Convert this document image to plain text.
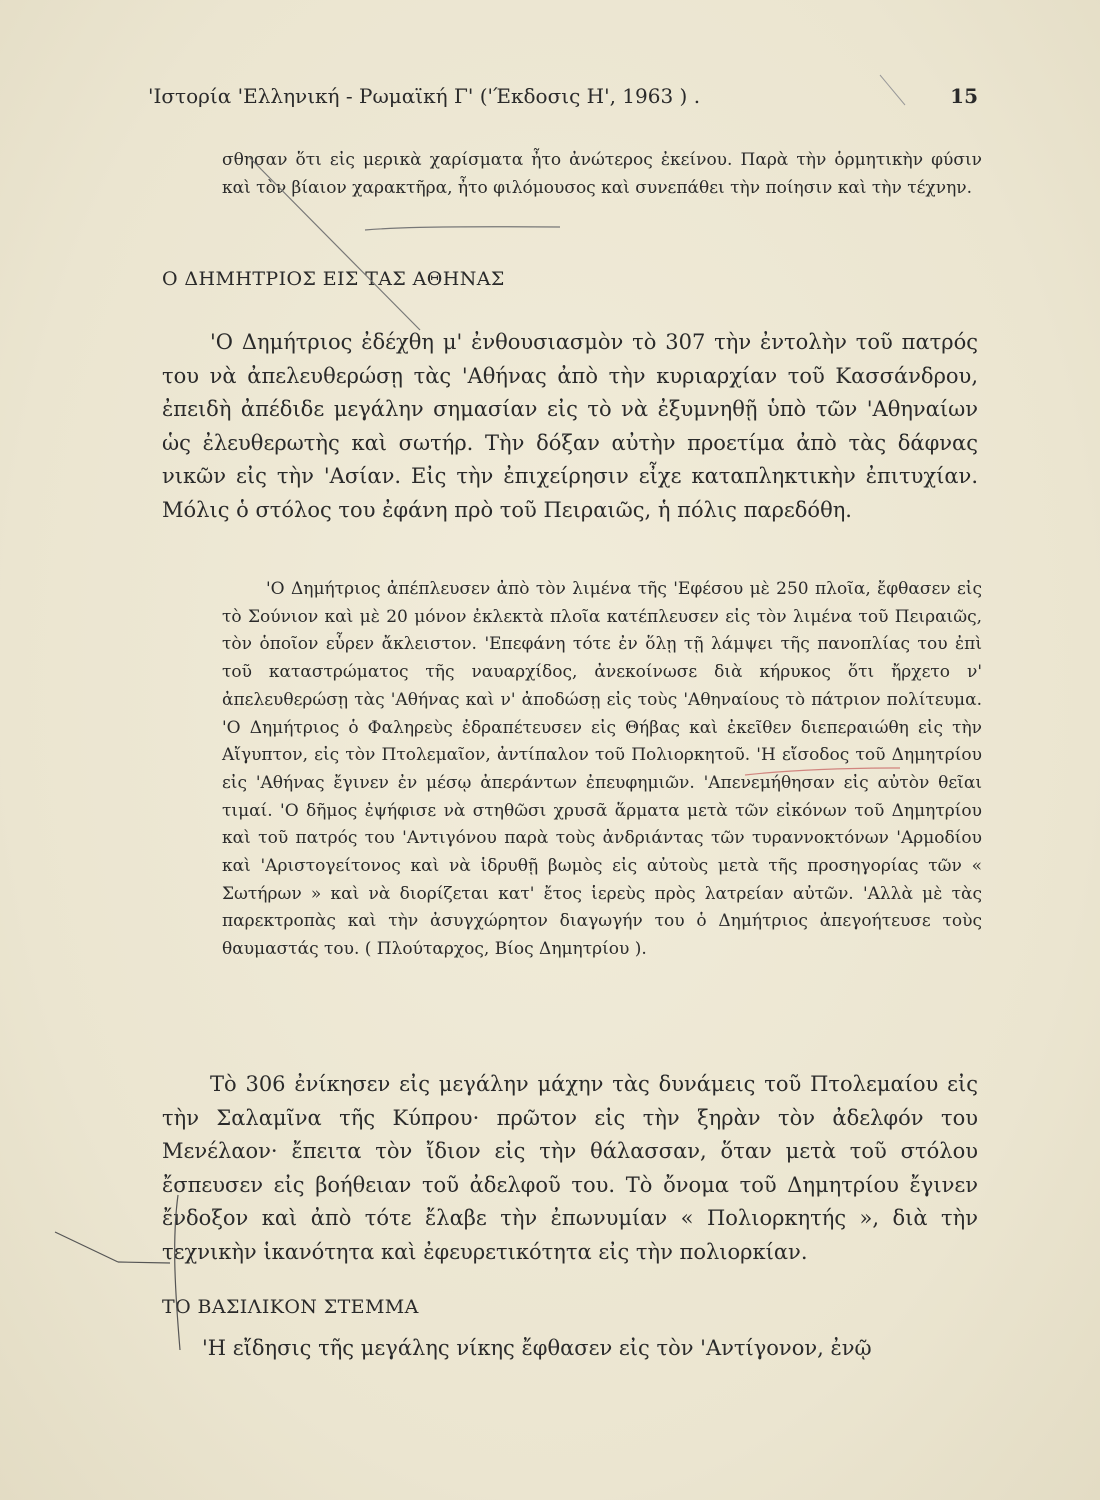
'Ιστορία 'Ελληνική - Ρωμαϊκή Γ' ('Έκδοσις Η', 1963 ) .	15

σθησαν ὅτι εἰς μερικὰ χαρίσματα ἦτο ἀνώτερος ἐκείνου. Παρὰ τὴν ὁρμητικὴν φύσιν καὶ τὸν βίαιον χαρακτῆρα, ἦτο φιλόμουσος καὶ συνεπάθει τὴν ποίησιν καὶ τὴν τέχνην.

Ο ΔΗΜΗΤΡΙΟΣ ΕΙΣ ΤΑΣ ΑΘΗΝΑΣ

'Ο Δημήτριος ἐδέχθη μ' ἐνθουσιασμὸν τὸ 307 τὴν ἐντολὴν τοῦ πατρός του νὰ ἀπελευθερώσῃ τὰς 'Αθήνας ἀπὸ τὴν κυριαρχίαν τοῦ Κασσάνδρου, ἐπειδὴ ἀπέδιδε μεγάλην σημασίαν εἰς τὸ νὰ ἐξυμνηθῇ ὑπὸ τῶν 'Αθηναίων ὡς ἐλευθερωτὴς καὶ σωτήρ. Τὴν δόξαν αὐτὴν προετίμα ἀπὸ τὰς δάφνας νικῶν εἰς τὴν 'Ασίαν. Εἰς τὴν ἐπιχείρησιν εἶχε καταπληκτικὴν ἐπιτυχίαν. Μόλις ὁ στόλος του ἐφάνη πρὸ τοῦ Πειραιῶς, ἡ πόλις παρεδόθη.

'Ο Δημήτριος ἀπέπλευσεν ἀπὸ τὸν λιμένα τῆς 'Εφέσου μὲ 250 πλοῖα, ἔφθασεν εἰς τὸ Σούνιον καὶ μὲ 20 μόνον ἐκλεκτὰ πλοῖα κατέπλευσεν εἰς τὸν λιμένα τοῦ Πειραιῶς, τὸν ὁποῖον εὗρεν ἄκλειστον. 'Επεφάνη τότε ἐν ὅλῃ τῇ λάμψει τῆς πανοπλίας του ἐπὶ τοῦ καταστρώματος τῆς ναυαρχίδος, ἀνεκοίνωσε διὰ κήρυκος ὅτι ἤρχετο ν' ἀπελευθερώσῃ τὰς 'Αθήνας καὶ ν' ἀποδώσῃ εἰς τοὺς 'Αθηναίους τὸ πάτριον πολίτευμα. 'Ο Δημήτριος ὁ Φαληρεὺς ἐδραπέτευσεν εἰς Θήβας καὶ ἐκεῖθεν διεπεραιώθη εἰς τὴν Αἴγυπτον, εἰς τὸν Πτολεμαῖον, ἀντίπαλον τοῦ Πολιορκητοῦ. 'Η εἴσοδος τοῦ Δημητρίου εἰς 'Αθήνας ἔγινεν ἐν μέσῳ ἀπεράντων ἐπευφημιῶν. 'Απενεμήθησαν εἰς αὐτὸν θεῖαι τιμαί. 'Ο δῆμος ἐψήφισε νὰ στηθῶσι χρυσᾶ ἅρματα μετὰ τῶν εἰκόνων τοῦ Δημητρίου καὶ τοῦ πατρός του 'Αντιγόνου παρὰ τοὺς ἀνδριάντας τῶν τυραννοκτόνων 'Αρμοδίου καὶ 'Αριστογείτονος καὶ νὰ ἱδρυθῇ βωμὸς εἰς αὐτοὺς μετὰ τῆς προσηγορίας τῶν « Σωτήρων » καὶ νὰ διορίζεται κατ' ἔτος ἱερεὺς πρὸς λατρείαν αὐτῶν. 'Αλλὰ μὲ τὰς παρεκτροπὰς καὶ τὴν ἀσυγχώρητον διαγωγήν του ὁ Δημήτριος ἀπεγοήτευσε τοὺς θαυμαστάς του. ( Πλούταρχος, Βίος Δημητρίου ).

Τὸ 306 ἐνίκησεν εἰς μεγάλην μάχην τὰς δυνάμεις τοῦ Πτολεμαίου εἰς τὴν Σαλαμῖνα τῆς Κύπρου· πρῶτον εἰς τὴν ξηρὰν τὸν ἀδελφόν του Μενέλαον· ἔπειτα τὸν ἴδιον εἰς τὴν θάλασσαν, ὅταν μετὰ τοῦ στόλου ἔσπευσεν εἰς βοήθειαν τοῦ ἀδελφοῦ του. Τὸ ὄνομα τοῦ Δημητρίου ἔγινεν ἔνδοξον καὶ ἀπὸ τότε ἔλαβε τὴν ἐπωνυμίαν « Πολιορκητής », διὰ τὴν τεχνικὴν ἱκανότητα καὶ ἐφευρετικότητα εἰς τὴν πολιορκίαν.

ΤΟ ΒΑΣΙΛΙΚΟΝ ΣΤΕΜΜΑ

'Η εἴδησις τῆς μεγάλης νίκης ἔφθασεν εἰς τὸν 'Αντίγονον, ἐνῷ
